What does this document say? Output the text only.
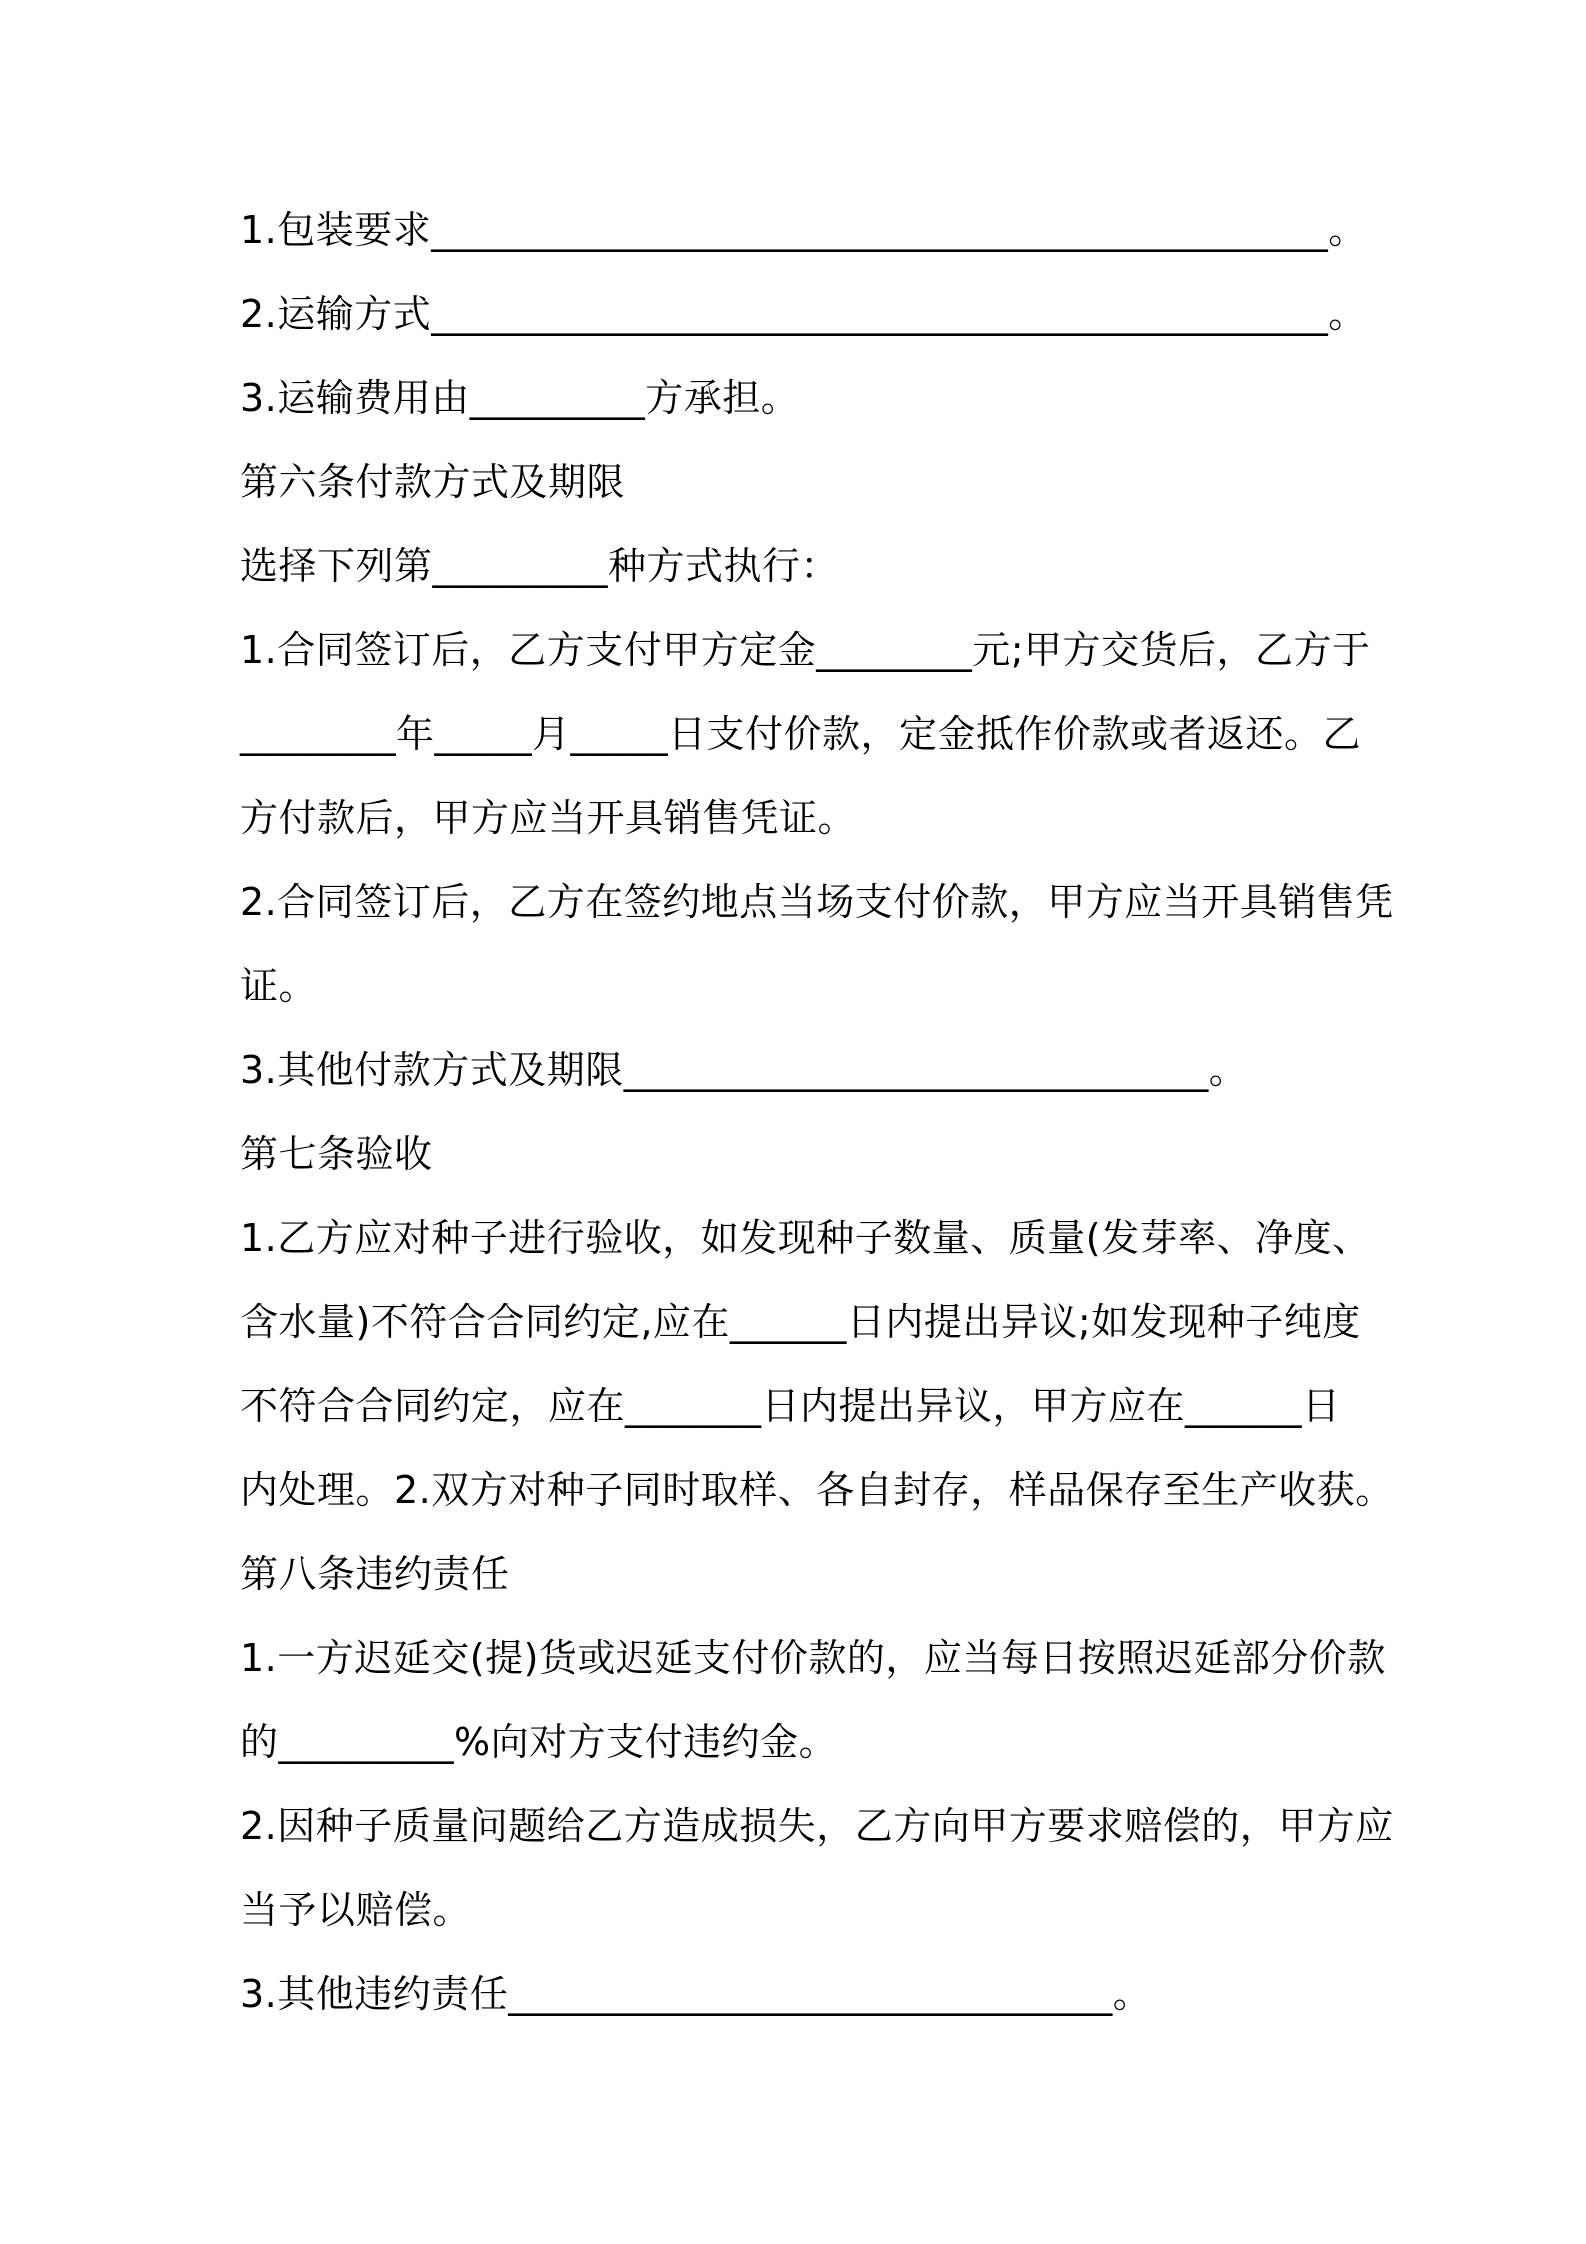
1.包装要求______________________________________________。
2.运输方式______________________________________________。
3.运输费用由_________方承担。
第六条付款方式及期限
选择下列第_________种方式执行：
1.合同签订后，乙方支付甲方定金________元;甲方交货后，乙方于
________年_____月_____日支付价款，定金抵作价款或者返还。乙
方付款后，甲方应当开具销售凭证。
2.合同签订后，乙方在签约地点当场支付价款，甲方应当开具销售凭
证。
3.其他付款方式及期限______________________________。
第七条验收
1.乙方应对种子进行验收，如发现种子数量、质量(发芽率、净度、
含水量)不符合合同约定,应在______日内提出异议;如发现种子纯度
不符合合同约定，应在_______日内提出异议，甲方应在______日
内处理。2.双方对种子同时取样、各自封存，样品保存至生产收获。
第八条违约责任
1.一方迟延交(提)货或迟延支付价款的，应当每日按照迟延部分价款
的_________%向对方支付违约金。
2.因种子质量问题给乙方造成损失，乙方向甲方要求赔偿的，甲方应
当予以赔偿。
3.其他违约责任_______________________________。
